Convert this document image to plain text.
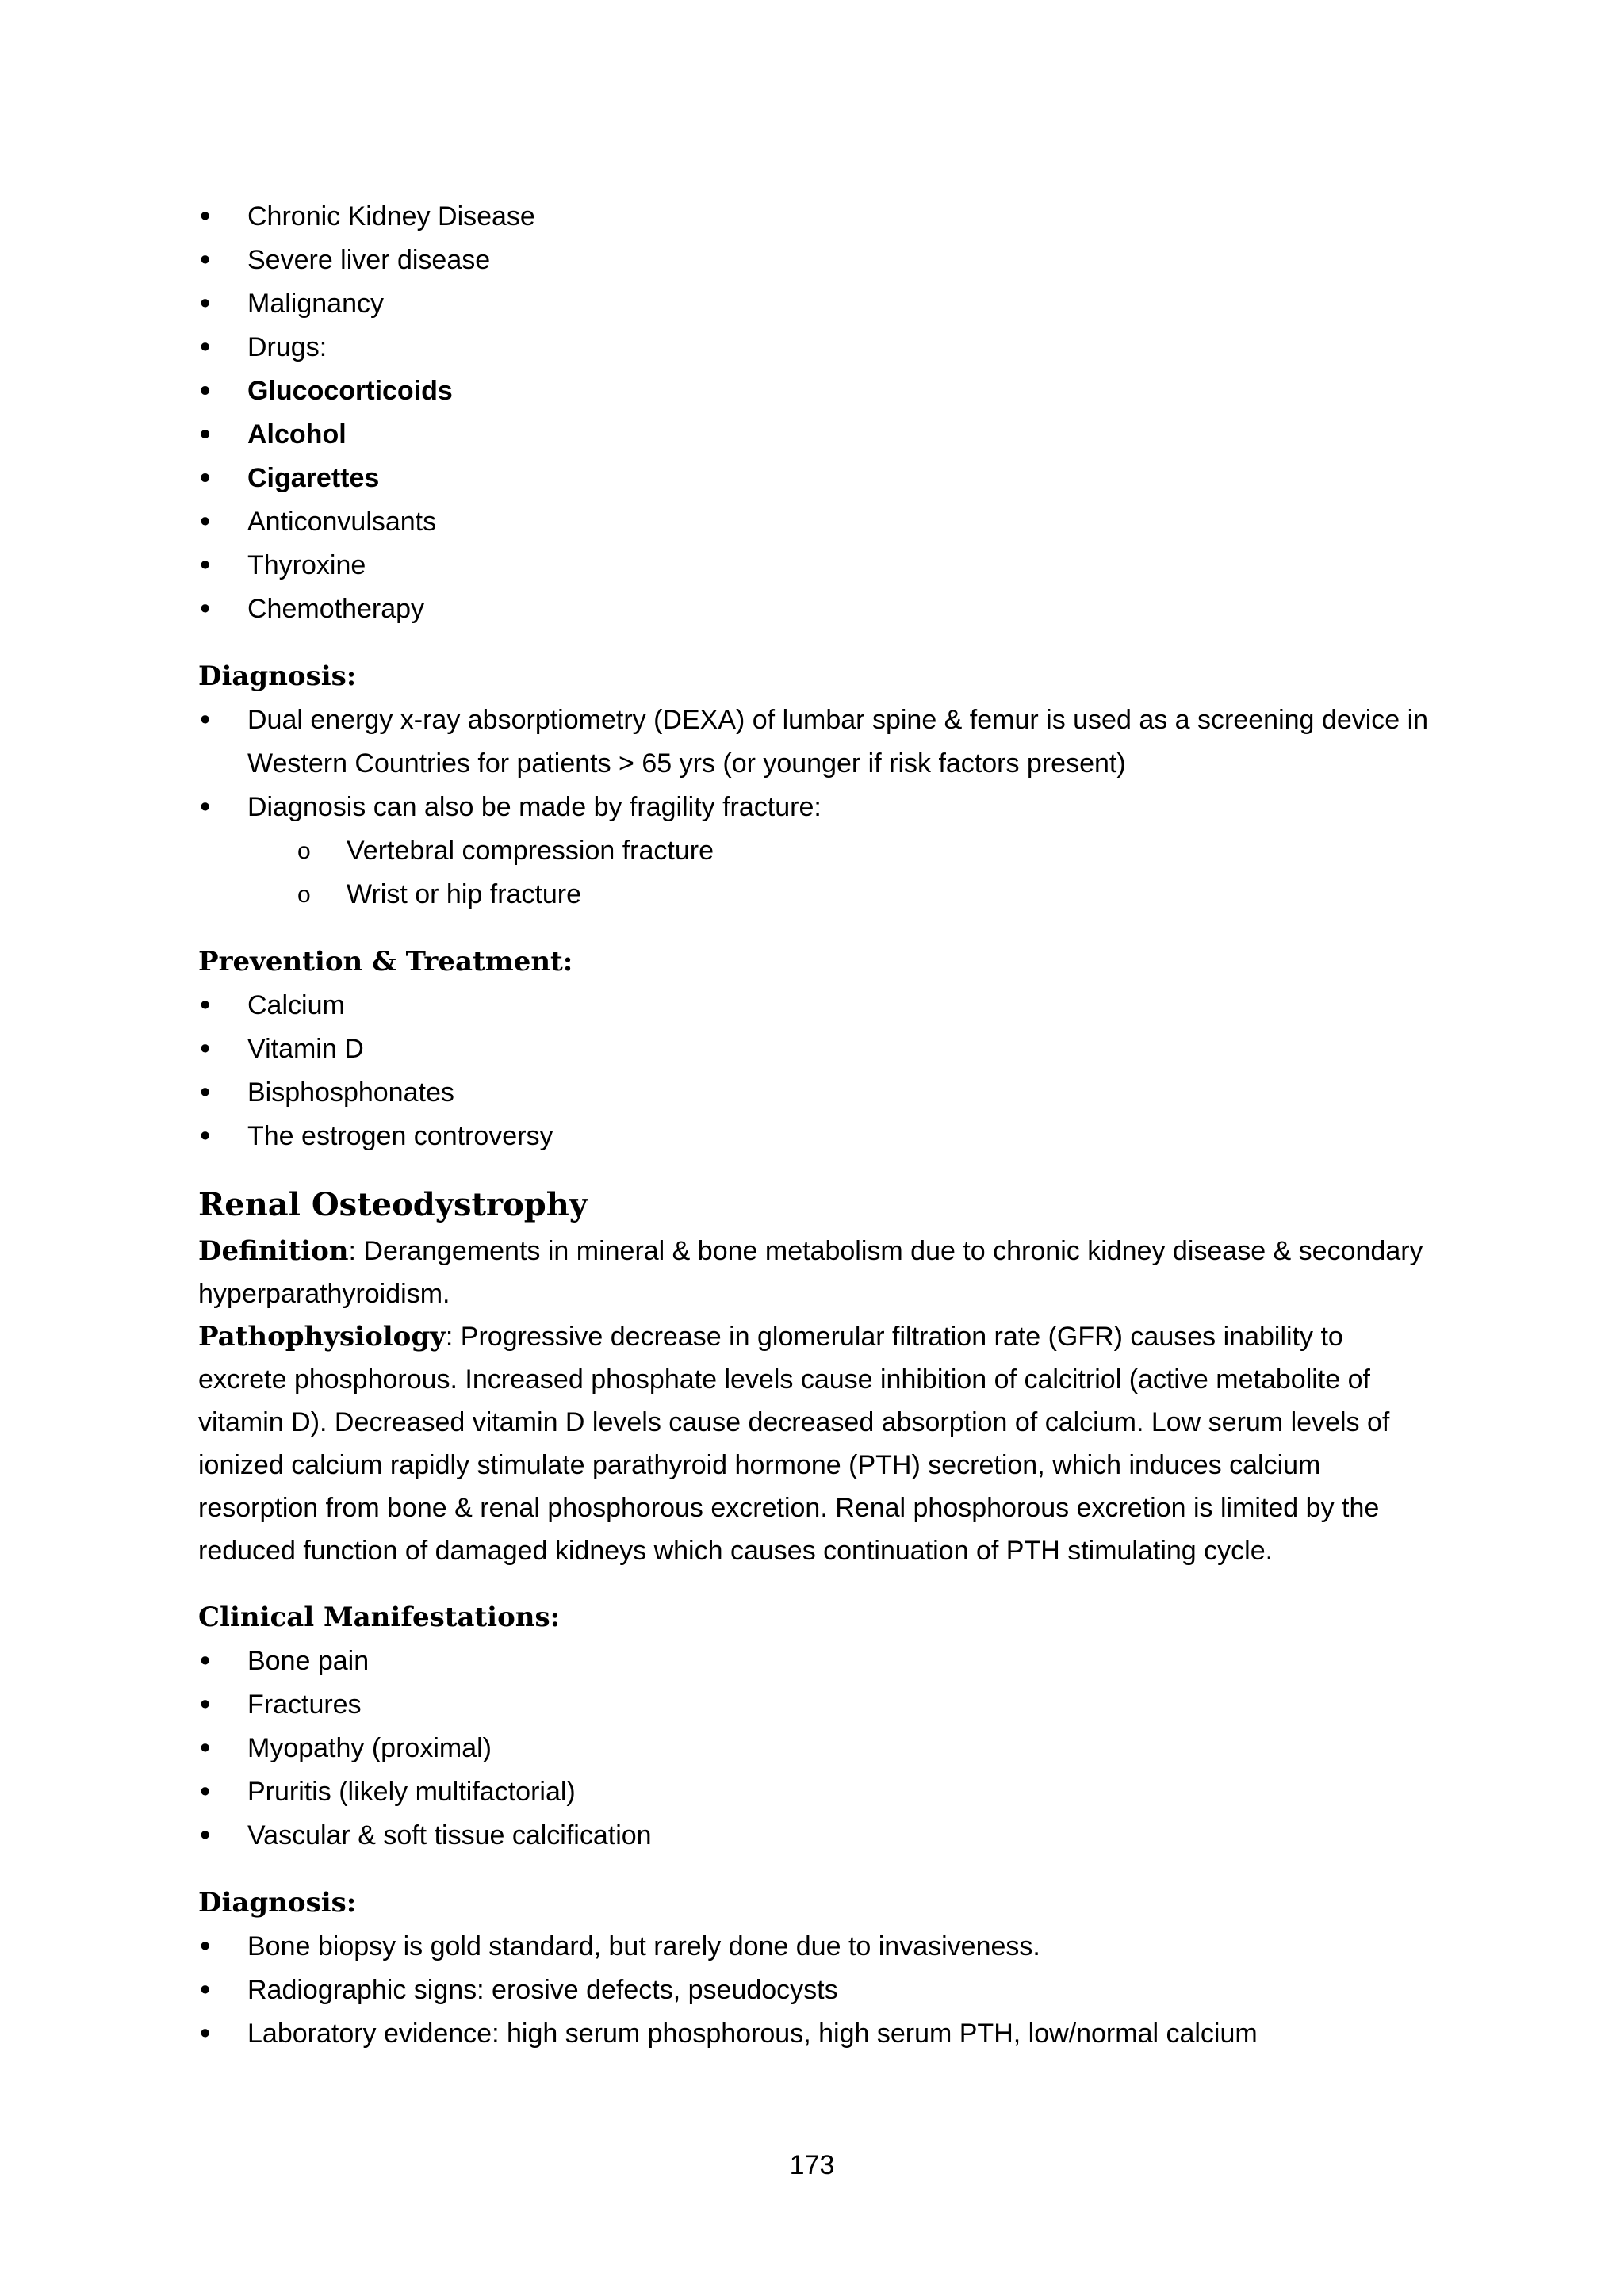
• Chronic Kidney Disease
• Severe liver disease
• Malignancy
• Drugs:
• Glucocorticoids
• Alcohol
• Cigarettes
• Anticonvulsants
• Thyroxine
• Chemotherapy
Diagnosis:
• Dual energy x-ray absorptiometry (DEXA) of lumbar spine & femur is used as a screening device in Western Countries for patients > 65 yrs (or younger if risk factors present)
• Diagnosis can also be made by fragility fracture:
o Vertebral compression fracture
o Wrist or hip fracture
Prevention & Treatment:
• Calcium
• Vitamin D
• Bisphosphonates
• The estrogen controversy
Renal Osteodystrophy

Definition: Derangements in mineral & bone metabolism due to chronic kidney disease & secondary hyperparathyroidism.

Pathophysiology: Progressive decrease in glomerular filtration rate (GFR) causes inability to excrete phosphorous. Increased phosphate levels cause inhibition of calcitriol (active metabolite of vitamin D). Decreased vitamin D levels cause decreased absorption of calcium. Low serum levels of ionized calcium rapidly stimulate parathyroid hormone (PTH) secretion, which induces calcium resorption from bone & renal phosphorous excretion. Renal phosphorous excretion is limited by the reduced function of damaged kidneys which causes continuation of PTH stimulating cycle.

Clinical Manifestations:
• Bone pain
• Fractures
• Myopathy (proximal)
• Pruritis (likely multifactorial)
• Vascular & soft tissue calcification
Diagnosis:
• Bone biopsy is gold standard, but rarely done due to invasiveness.
• Radiographic signs: erosive defects, pseudocysts
• Laboratory evidence: high serum phosphorous, high serum PTH, low/normal calcium
173
